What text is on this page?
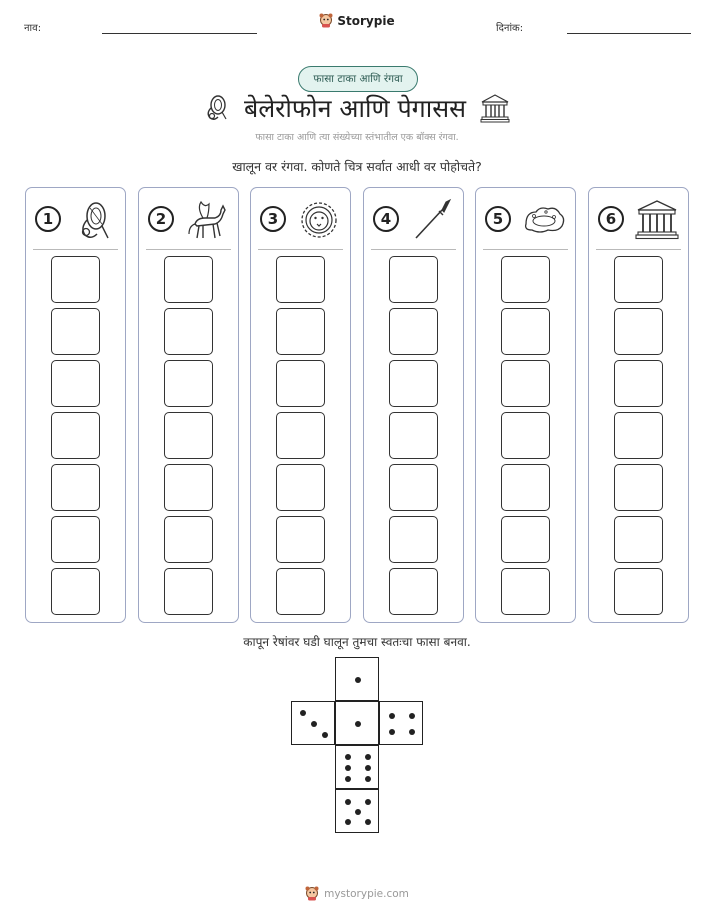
नाव:
Storypie
दिनांक:
फासा टाका आणि रंगवा
बेलेरोफोन आणि पेगासस
फासा टाका आणि त्या संख्येच्या स्तंभातील एक बॉक्स रंगवा.
खालून वर रंगवा. कोणते चित्र सर्वात आधी वर पोहोचते?
1	2	3	4	5	6
कापून रेषांवर घडी घालून तुमचा स्वतःचा फासा बनवा.
mystorypie.com
